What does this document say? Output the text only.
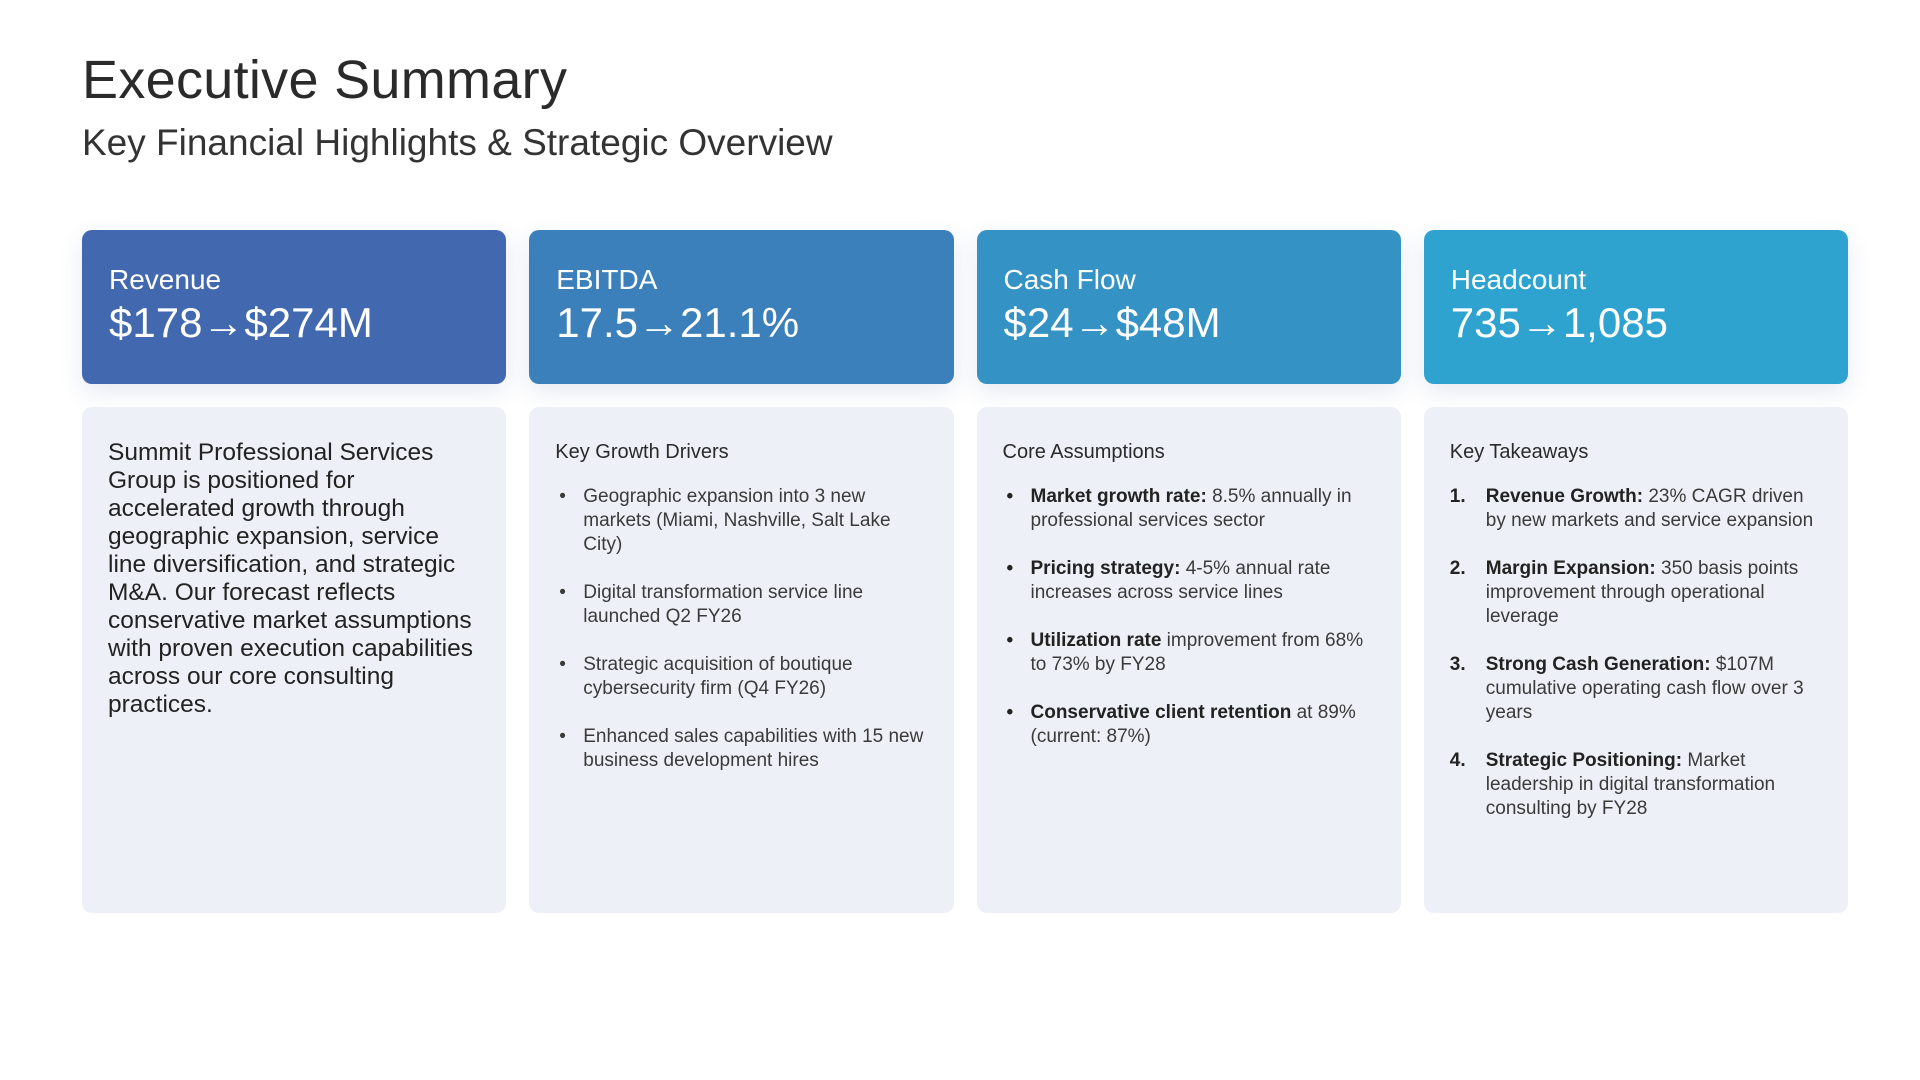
Executive Summary
Key Financial Highlights & Strategic Overview
Revenue
$178→$274M
EBITDA
17.5→21.1%
Cash Flow
$24→$48M
Headcount
735→1,085

Summit Professional Services Group is positioned for accelerated growth through geographic expansion, service line diversification, and strategic M&A. Our forecast reflects conservative market assumptions with proven execution capabilities across our core consulting practices.

Key Growth Drivers
• Geographic expansion into 3 new markets (Miami, Nashville, Salt Lake City)
• Digital transformation service line launched Q2 FY26
• Strategic acquisition of boutique cybersecurity firm (Q4 FY26)
• Enhanced sales capabilities with 15 new business development hires
Core Assumptions
• Market growth rate: 8.5% annually in professional services sector
• Pricing strategy: 4-5% annual rate increases across service lines
• Utilization rate improvement from 68% to 73% by FY28
• Conservative client retention at 89% (current: 87%)
Key Takeaways
1. Revenue Growth: 23% CAGR driven by new markets and service expansion
2. Margin Expansion: 350 basis points improvement through operational leverage
3. Strong Cash Generation: $107M cumulative operating cash flow over 3 years
4. Strategic Positioning: Market leadership in digital transformation consulting by FY28
